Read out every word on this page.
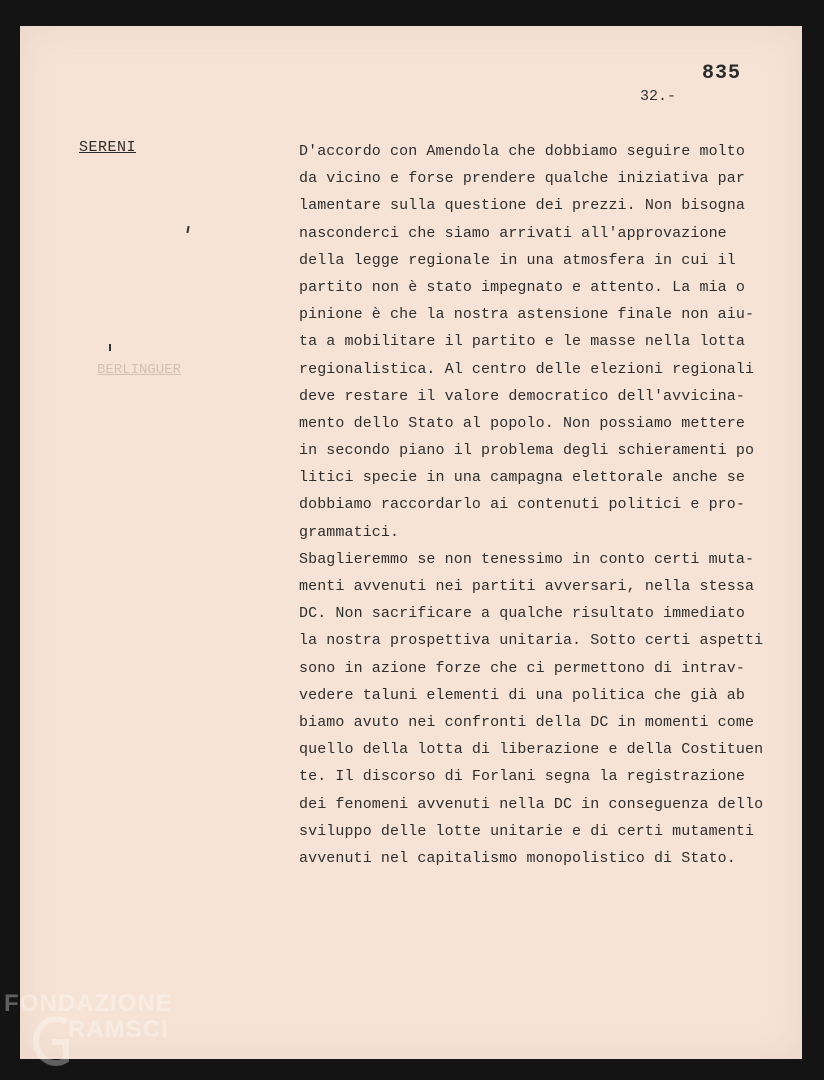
835
32.-
SERENI
BERLINGUER
D'accordo con Amendola che dobbiamo seguire molto
da vicino e forse prendere qualche iniziativa par
lamentare sulla questione dei prezzi. Non bisogna
nasconderci che siamo arrivati all'approvazione
della legge regionale in una atmosfera in cui il
partito non è stato impegnato e attento. La mia o
pinione è che la nostra astensione finale non aiu-
ta a mobilitare il partito e le masse nella lotta
regionalistica. Al centro delle elezioni regionali
deve restare il valore democratico dell'avvicina-
mento dello Stato al popolo. Non possiamo mettere
in secondo piano il problema degli schieramenti po
litici specie in una campagna elettorale anche se
dobbiamo raccordarlo ai contenuti politici e pro-
grammatici.
Sbaglieremmo se non tenessimo in conto certi muta-
menti avvenuti nei partiti avversari, nella stessa
DC. Non sacrificare a qualche risultato immediato
la nostra prospettiva unitaria. Sotto certi aspetti
sono in azione forze che ci permettono di intrav-
vedere taluni elementi di una politica che già ab
biamo avuto nei confronti della DC in momenti come
quello della lotta di liberazione e della Costituen
te. Il discorso di Forlani segna la registrazione
dei fenomeni avvenuti nella DC in conseguenza dello
sviluppo delle lotte unitarie e di certi mutamenti
avvenuti nel capitalismo monopolistico di Stato.
FONDAZIONE
RAMSCI
